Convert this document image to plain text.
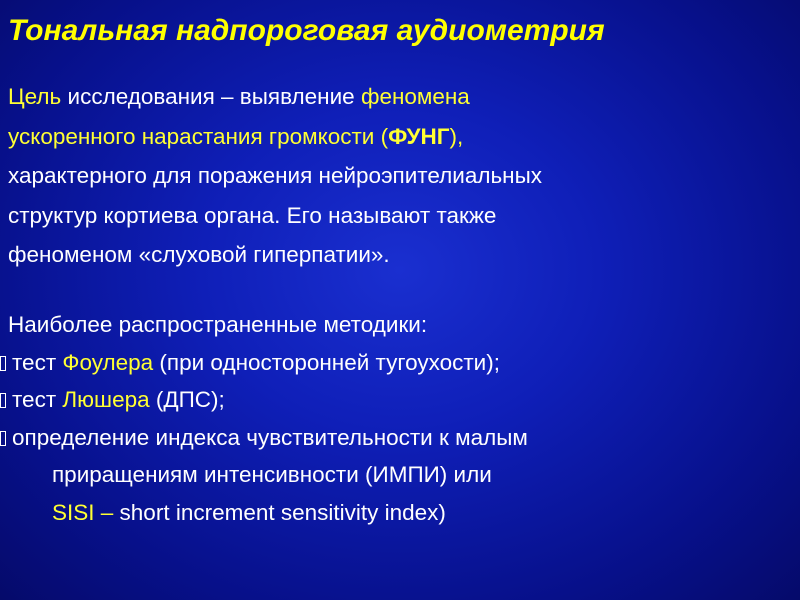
Тональная надпороговая аудиометрия
Цель исследования – выявление феномена
ускоренного нарастания громкости (ФУНГ),
характерного для поражения нейроэпителиальных
структур кортиева органа. Его называют также
феноменом «слуховой гиперпатии».
Наиболее распространенные методики:
тест Фоулера (при односторонней тугоухости);
тест Люшера (ДПС);
определение индекса чувствительности к малым
приращениям интенсивности (ИМПИ) или
SISI – short increment sensitivity index)
